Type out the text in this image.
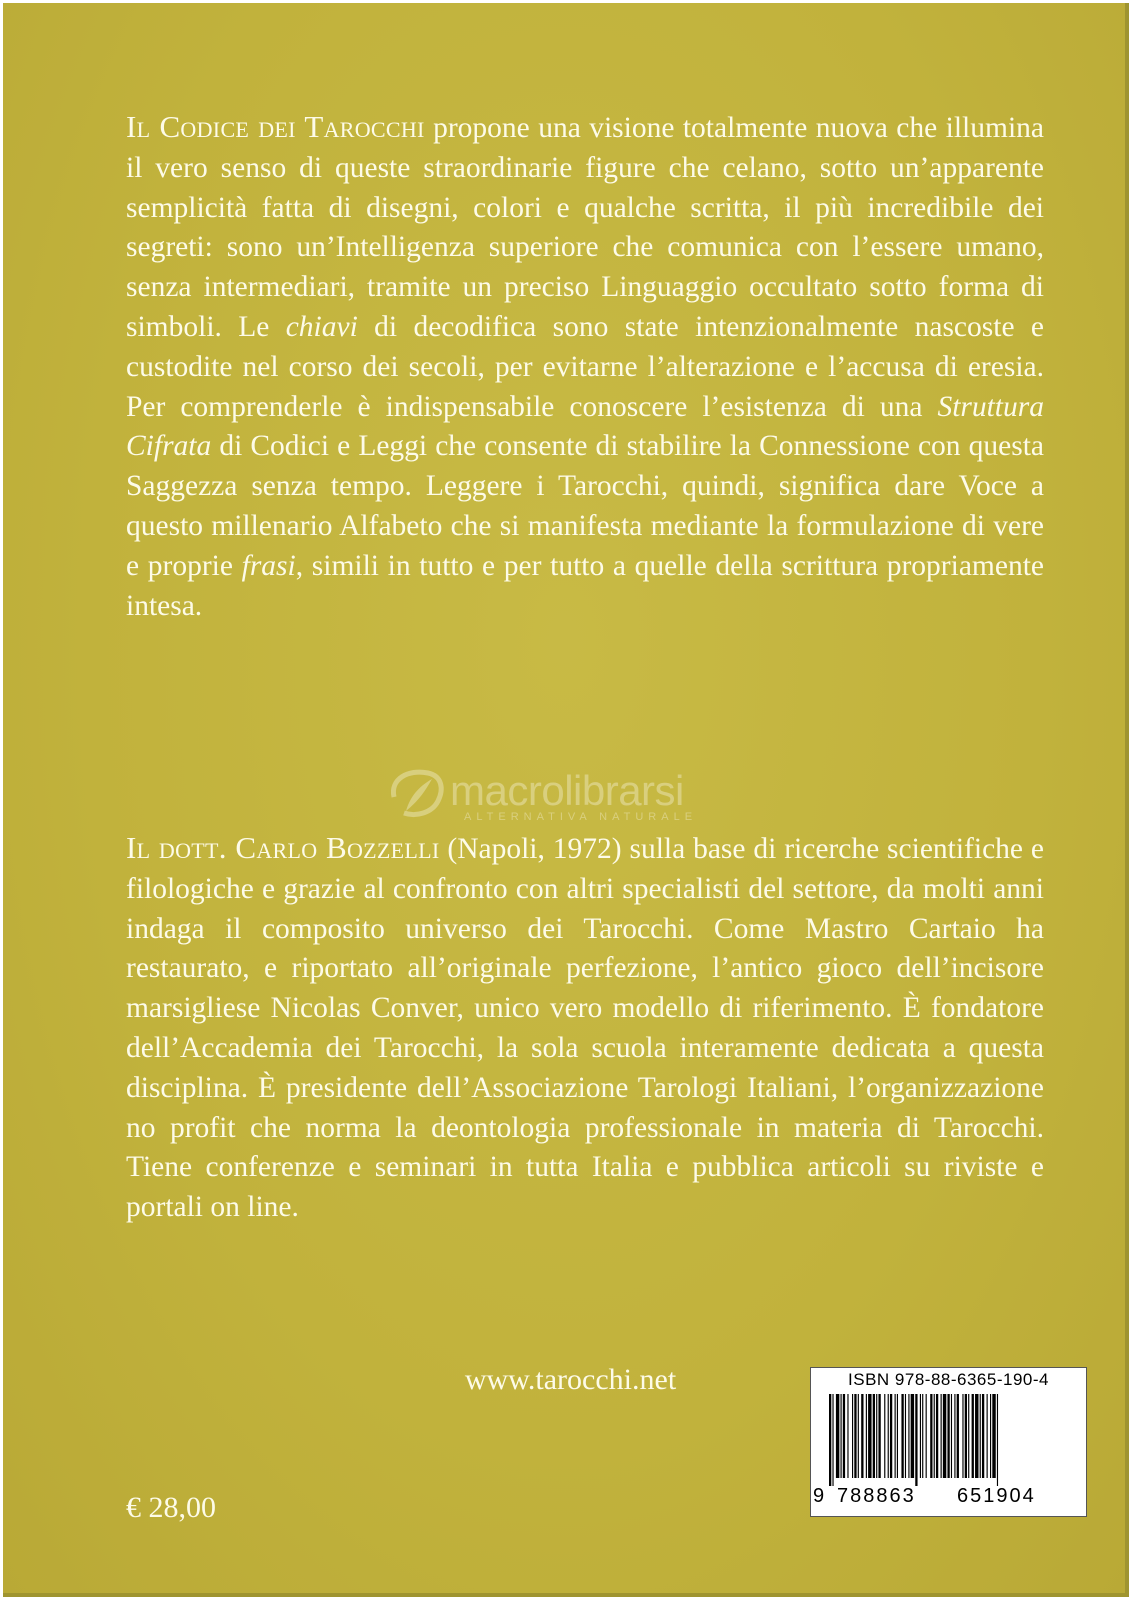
Il Codice dei Tarocchi propone una visione totalmente nuova che illumina il vero senso di queste straordinarie figure che celano, sotto un’apparente semplicità fatta di disegni, colori e qualche scritta, il più incredibile dei segreti: sono un’Intelligenza superiore che comunica con l’essere umano, senza intermediari, tramite un preciso Linguaggio occultato sotto forma di simboli. Le chiavi di decodifica sono state intenzionalmente nascoste e custodite nel corso dei secoli, per evitarne l’alterazione e l’accusa di eresia. Per comprenderle è indispensabile conoscere l’esistenza di una Struttura Cifrata di Codici e Leggi che consente di stabilire la Connessione con questa Saggezza senza tempo. Leggere i Tarocchi, quindi, significa dare Voce a questo millenario Alfabeto che si manifesta mediante la formulazione di vere e proprie frasi, simili in tutto e per tutto a quelle della scrittura propriamente intesa.

macrolibrarsi
ALTERNATIVA NATURALE

Il dott. Carlo Bozzelli (Napoli, 1972) sulla base di ricerche scientifiche e filologiche e grazie al confronto con altri specialisti del settore, da molti anni indaga il composito universo dei Tarocchi. Come Mastro Cartaio ha restaurato, e riportato all’originale perfezione, l’antico gioco dell’incisore marsigliese Nicolas Conver, unico vero modello di riferimento. È fondatore dell’Accademia dei Tarocchi, la sola scuola interamente dedicata a questa disciplina. È presidente dell’Associazione Tarologi Italiani, l’organizzazione no profit che norma la deontologia professionale in materia di Tarocchi. Tiene conferenze e seminari in tutta Italia e pubblica articoli su riviste e portali on line.

www.tarocchi.net
€ 28,00
ISBN 978-88-6365-190-4
9 788863 651904
